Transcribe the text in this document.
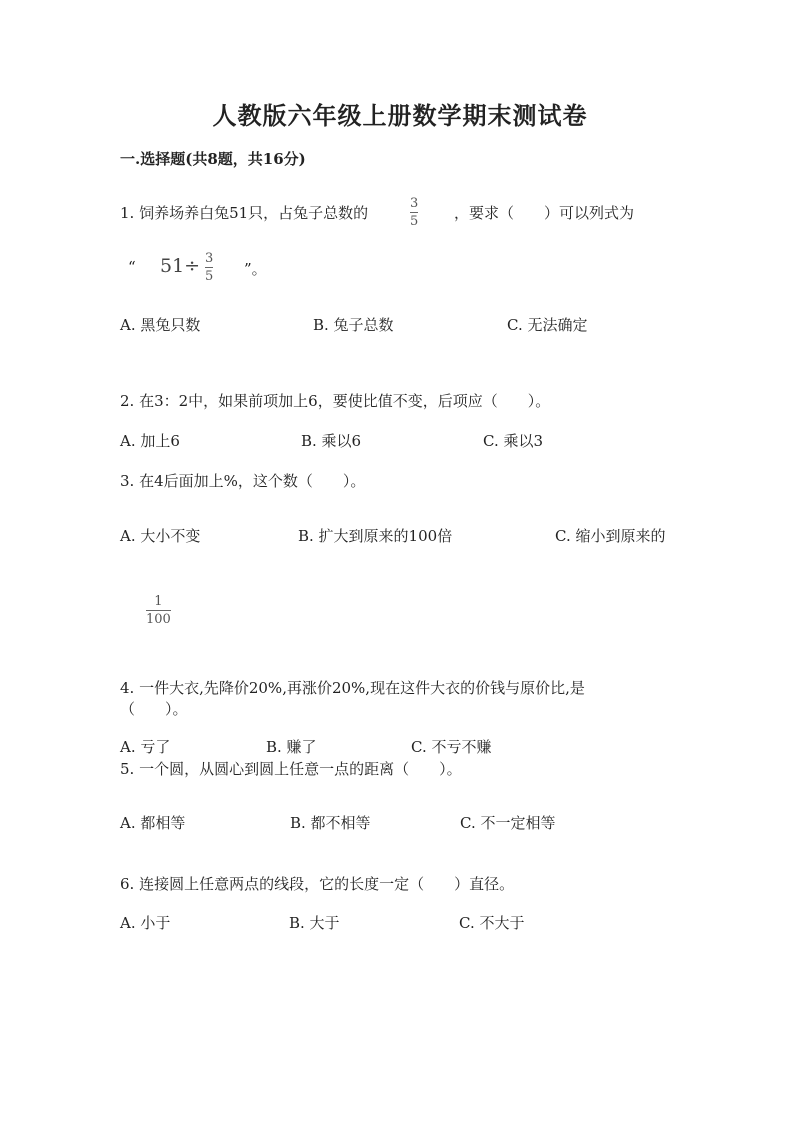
人教版六年级上册数学期末测试卷
一.选择题(共8题，共16分)
1. 饲养场养白兔51只，占兔子总数的
3
5 ，要求（　　）可以列式为
“ 51÷ 3
5 ”。
A. 黑兔只数	B. 兔子总数	C. 无法确定
2. 在3：2中，如果前项加上6，要使比值不变，后项应（　　）。
A. 加上6	B. 乘以6	C. 乘以3
3. 在4后面加上%，这个数（　　）。
A. 大小不变	B. 扩大到原来的100倍	C. 缩小到原来的
1
100
4. 一件大衣,先降价20%,再涨价20%,现在这件大衣的价钱与原价比,是
（　　）。
A. 亏了	B. 赚了	C. 不亏不赚
5. 一个圆，从圆心到圆上任意一点的距离（　　）。
A. 都相等	B. 都不相等	C. 不一定相等
6. 连接圆上任意两点的线段，它的长度一定（　　）直径。
A. 小于	B. 大于	C. 不大于
